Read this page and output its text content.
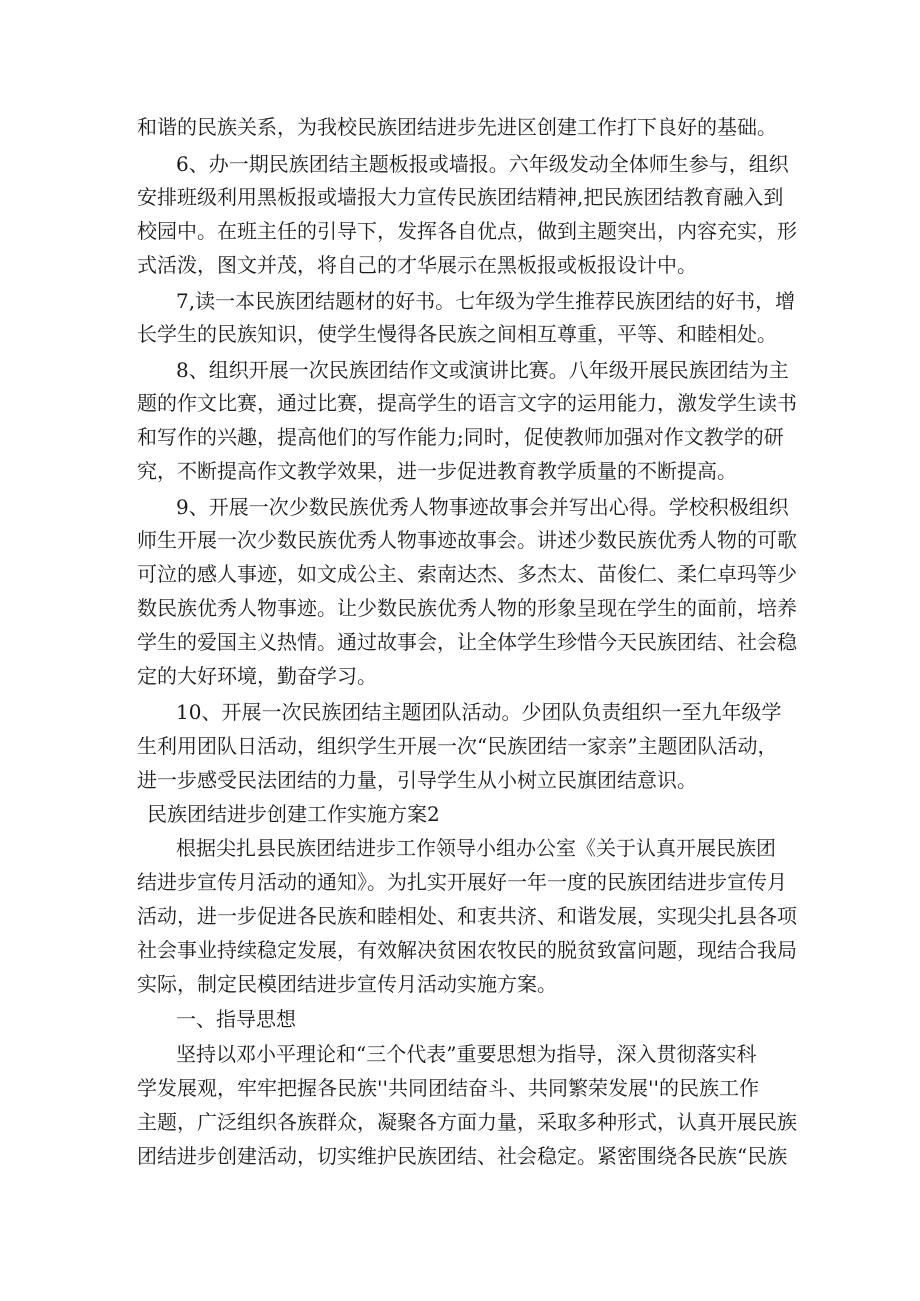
和谐的民族关系，为我校民族团结进步先进区创建工作打下良好的基础。
6、办一期民族团结主题板报或墙报。六年级发动全体师生参与，组织
安排班级利用黑板报或墙报大力宣传民族团结精神,把民族团结教育融入到
校园中。在班主任的引导下，发挥各自优点，做到主题突出，内容充实，形
式活泼，图文并茂，将自己的才华展示在黑板报或板报设计中。
7,读一本民族团结题材的好书。七年级为学生推荐民族团结的好书，增
长学生的民族知识，使学生慢得各民族之间相互尊重，平等、和睦相处。
8、组织开展一次民族团结作文或演讲比赛。八年级开展民族团结为主
题的作文比赛，通过比赛，提高学生的语言文字的运用能力，激发学生读书
和写作的兴趣，提高他们的写作能力;同时，促使教师加强对作文教学的研
究，不断提高作文教学效果，进一步促进教育教学质量的不断提高。
9、开展一次少数民族优秀人物事迹故事会并写出心得。学校积极组织
师生开展一次少数民族优秀人物事迹故事会。讲述少数民族优秀人物的可歌
可泣的感人事迹，如文成公主、索南达杰、多杰太、苗俊仁、柔仁卓玛等少
数民族优秀人物事迹。让少数民族优秀人物的形象呈现在学生的面前，培养
学生的爱国主义热情。通过故事会，让全体学生珍惜今天民族团结、社会稳
定的大好环境，勤奋学习。
10、开展一次民族团结主题团队活动。少团队负责组织一至九年级学
生利用团队日活动，组织学生开展一次“民族团结一家亲”主题团队活动，
进一步感受民法团结的力量，引导学生从小树立民旗团结意识。
民族团结进步创建工作实施方案2
根据尖扎县民族团结进步工作领导小组办公室《关于认真开展民族团
结进步宣传月活动的通知》。为扎实开展好一年一度的民族团结进步宣传月
活动，进一步促进各民族和睦相处、和衷共济、和谐发展，实现尖扎县各项
社会事业持续稳定发展，有效解决贫困农牧民的脱贫致富问题，现结合我局
实际，制定民模团结进步宣传月活动实施方案。
一、指导思想
坚持以邓小平理论和“三个代表”重要思想为指导，深入贯彻落实科
学发展观，牢牢把握各民族''共同团结奋斗、共同繁荣发展''的民族工作
主题，广泛组织各族群众，凝聚各方面力量，采取多种形式，认真开展民族
团结进步创建活动，切实维护民族团结、社会稳定。紧密围绕各民族“民族
